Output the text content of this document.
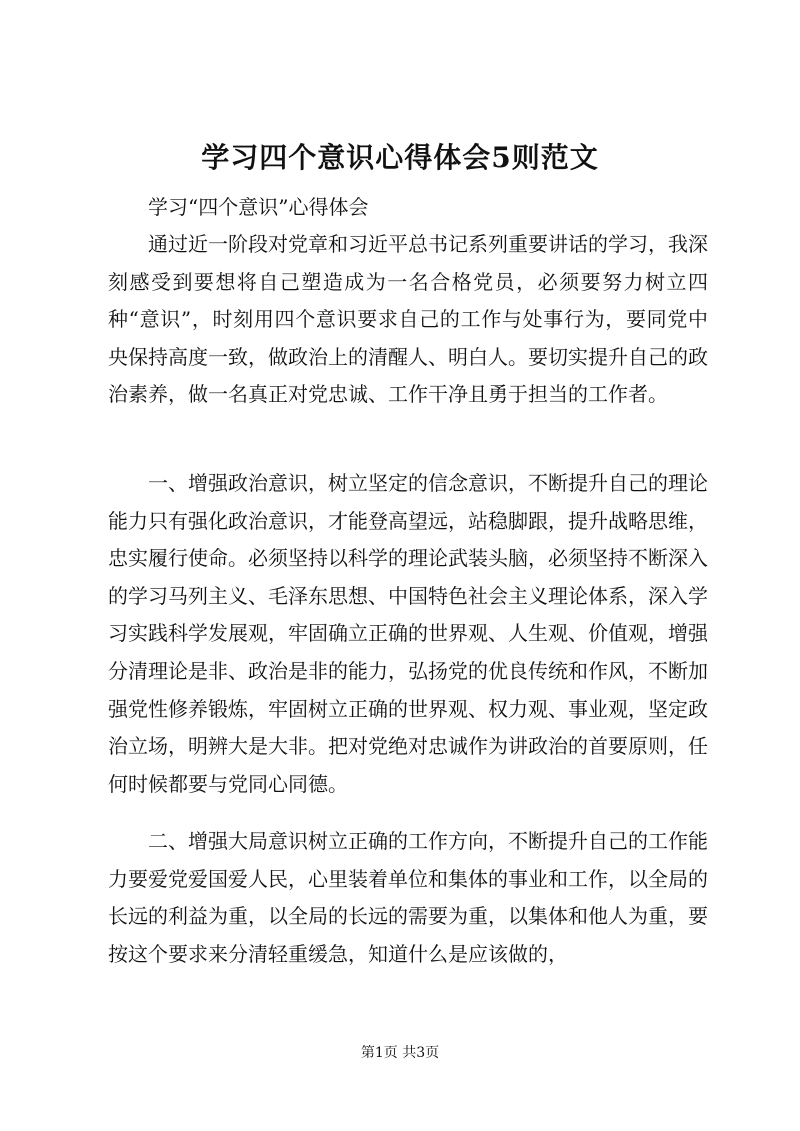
学习四个意识心得体会5则范文
学习“四个意识”心得体会

通过近一阶段对党章和习近平总书记系列重要讲话的学习，我深刻感受到要想将自己塑造成为一名合格党员，必须要努力树立四种“意识”，时刻用四个意识要求自己的工作与处事行为，要同党中央保持高度一致，做政治上的清醒人、明白人。要切实提升自己的政治素养，做一名真正对党忠诚、工作干净且勇于担当的工作者。

一、增强政治意识，树立坚定的信念意识，不断提升自己的理论能力只有强化政治意识，才能登高望远，站稳脚跟，提升战略思维，忠实履行使命。必须坚持以科学的理论武装头脑，必须坚持不断深入的学习马列主义、毛泽东思想、中国特色社会主义理论体系，深入学习实践科学发展观，牢固确立正确的世界观、人生观、价值观，增强分清理论是非、政治是非的能力，弘扬党的优良传统和作风，不断加强党性修养锻炼，牢固树立正确的世界观、权力观、事业观，坚定政治立场，明辨大是大非。把对党绝对忠诚作为讲政治的首要原则，任何时候都要与党同心同德。

二、增强大局意识树立正确的工作方向，不断提升自己的工作能力要爱党爱国爱人民，心里装着单位和集体的事业和工作，以全局的长远的利益为重，以全局的长远的需要为重，以集体和他人为重，要按这个要求来分清轻重缓急，知道什么是应该做的，

第1页 共3页
